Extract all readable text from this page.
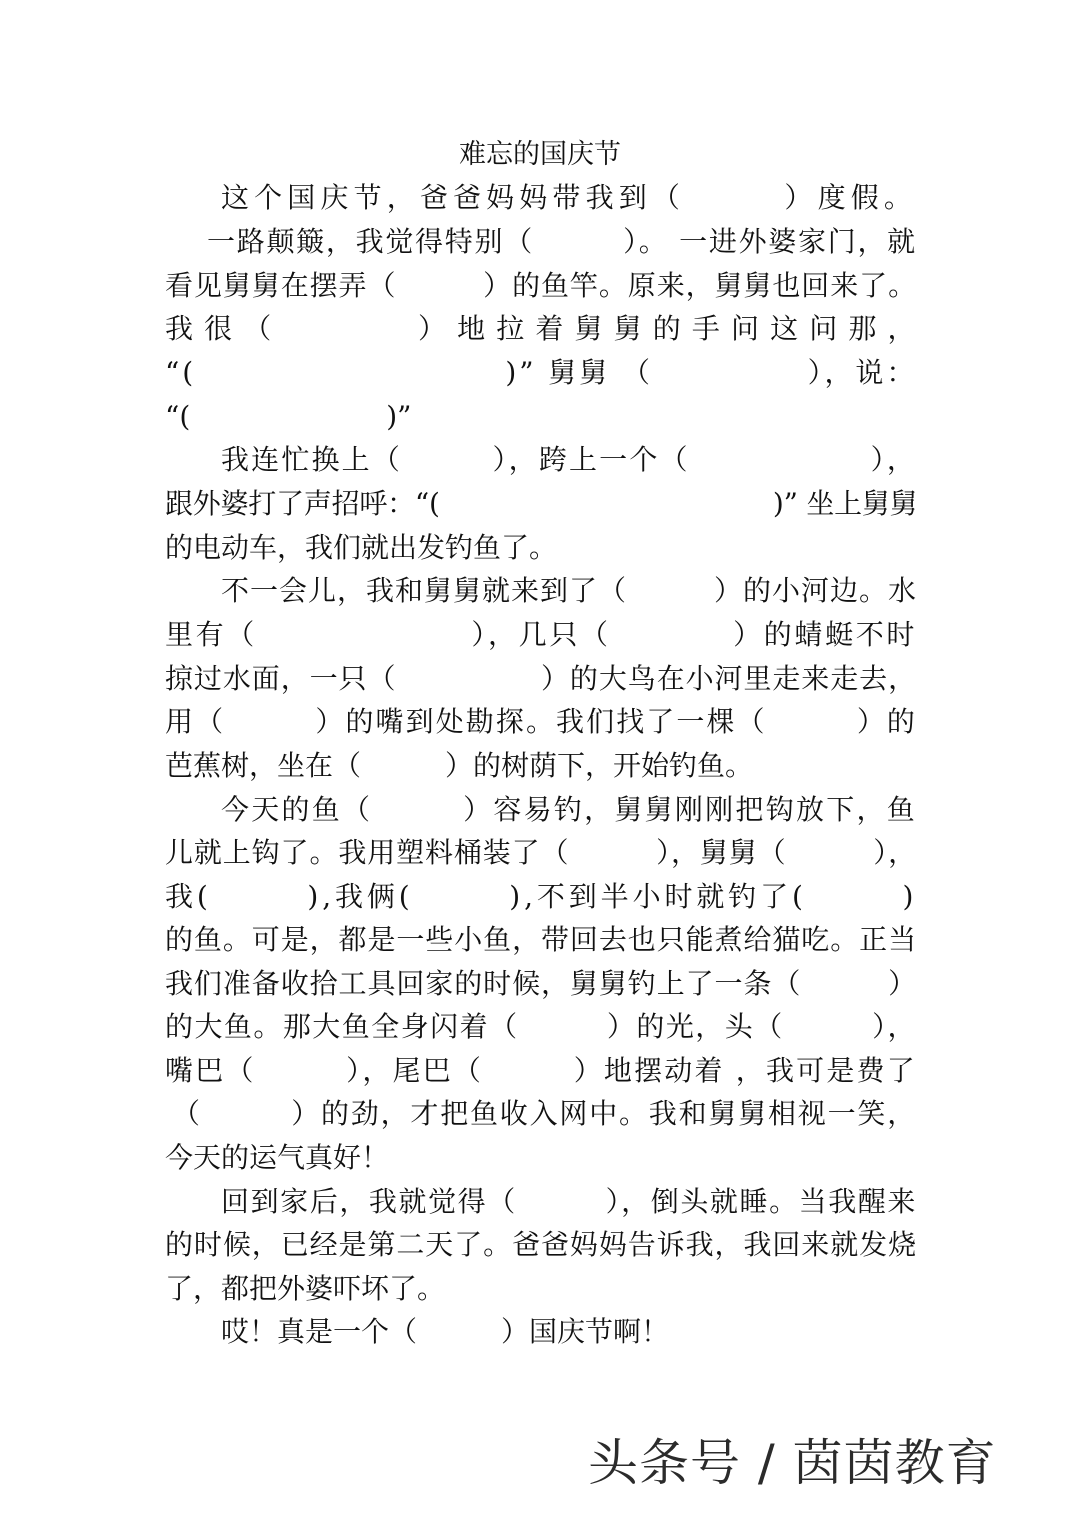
难忘的国庆节
这个国庆节，爸爸妈妈带我到（　　　）度假。
一路颠簸，我觉得特别（　　　）。 一进外婆家门，就
看见舅舅在摆弄（　　　）的鱼竿。原来，舅舅也回来了。
我 很 （　　　　　） 地 拉 着 舅 舅 的 手 问 这 问 那 ，
“(　　　　　　　　　　)” 舅舅 （　　　　　），说：
“(　　　　　　　)”
我连忙换上（　　　），跨上一个（　　　　　　），
跟外婆打了声招呼：“(　　　　　　　　　　　　)” 坐上舅舅
的电动车，我们就出发钓鱼了。
不一会儿，我和舅舅就来到了（　　　）的小河边。水
里有（　　　　　　　），几只（　　　　）的蜻蜓不时
掠过水面，一只（　　　　　）的大鸟在小河里走来走去，
用（　　　）的嘴到处勘探。我们找了一棵（　　　）的
芭蕉树，坐在（　　　）的树荫下，开始钓鱼。
今天的鱼（　　　）容易钓，舅舅刚刚把钩放下，鱼
儿就上钩了。我用塑料桶装了（　　　），舅舅（　　　），
我(　　　),我俩(　　　),不到半小时就钓了(　　　)
的鱼。可是，都是一些小鱼，带回去也只能煮给猫吃。正当
我们准备收拾工具回家的时候，舅舅钓上了一条（　　　）
的大鱼。那大鱼全身闪着（　　　）的光，头（　　　），
嘴巴（　　　），尾巴（　　　）地摆动着 ，我可是费了
（　　　）的劲，才把鱼收入网中。我和舅舅相视一笑，
今天的运气真好！
回到家后，我就觉得（　　　），倒头就睡。当我醒来
的时候，已经是第二天了。爸爸妈妈告诉我，我回来就发烧
了，都把外婆吓坏了。
哎！真是一个（　　　）国庆节啊！
头条号 / 茵茵教育
